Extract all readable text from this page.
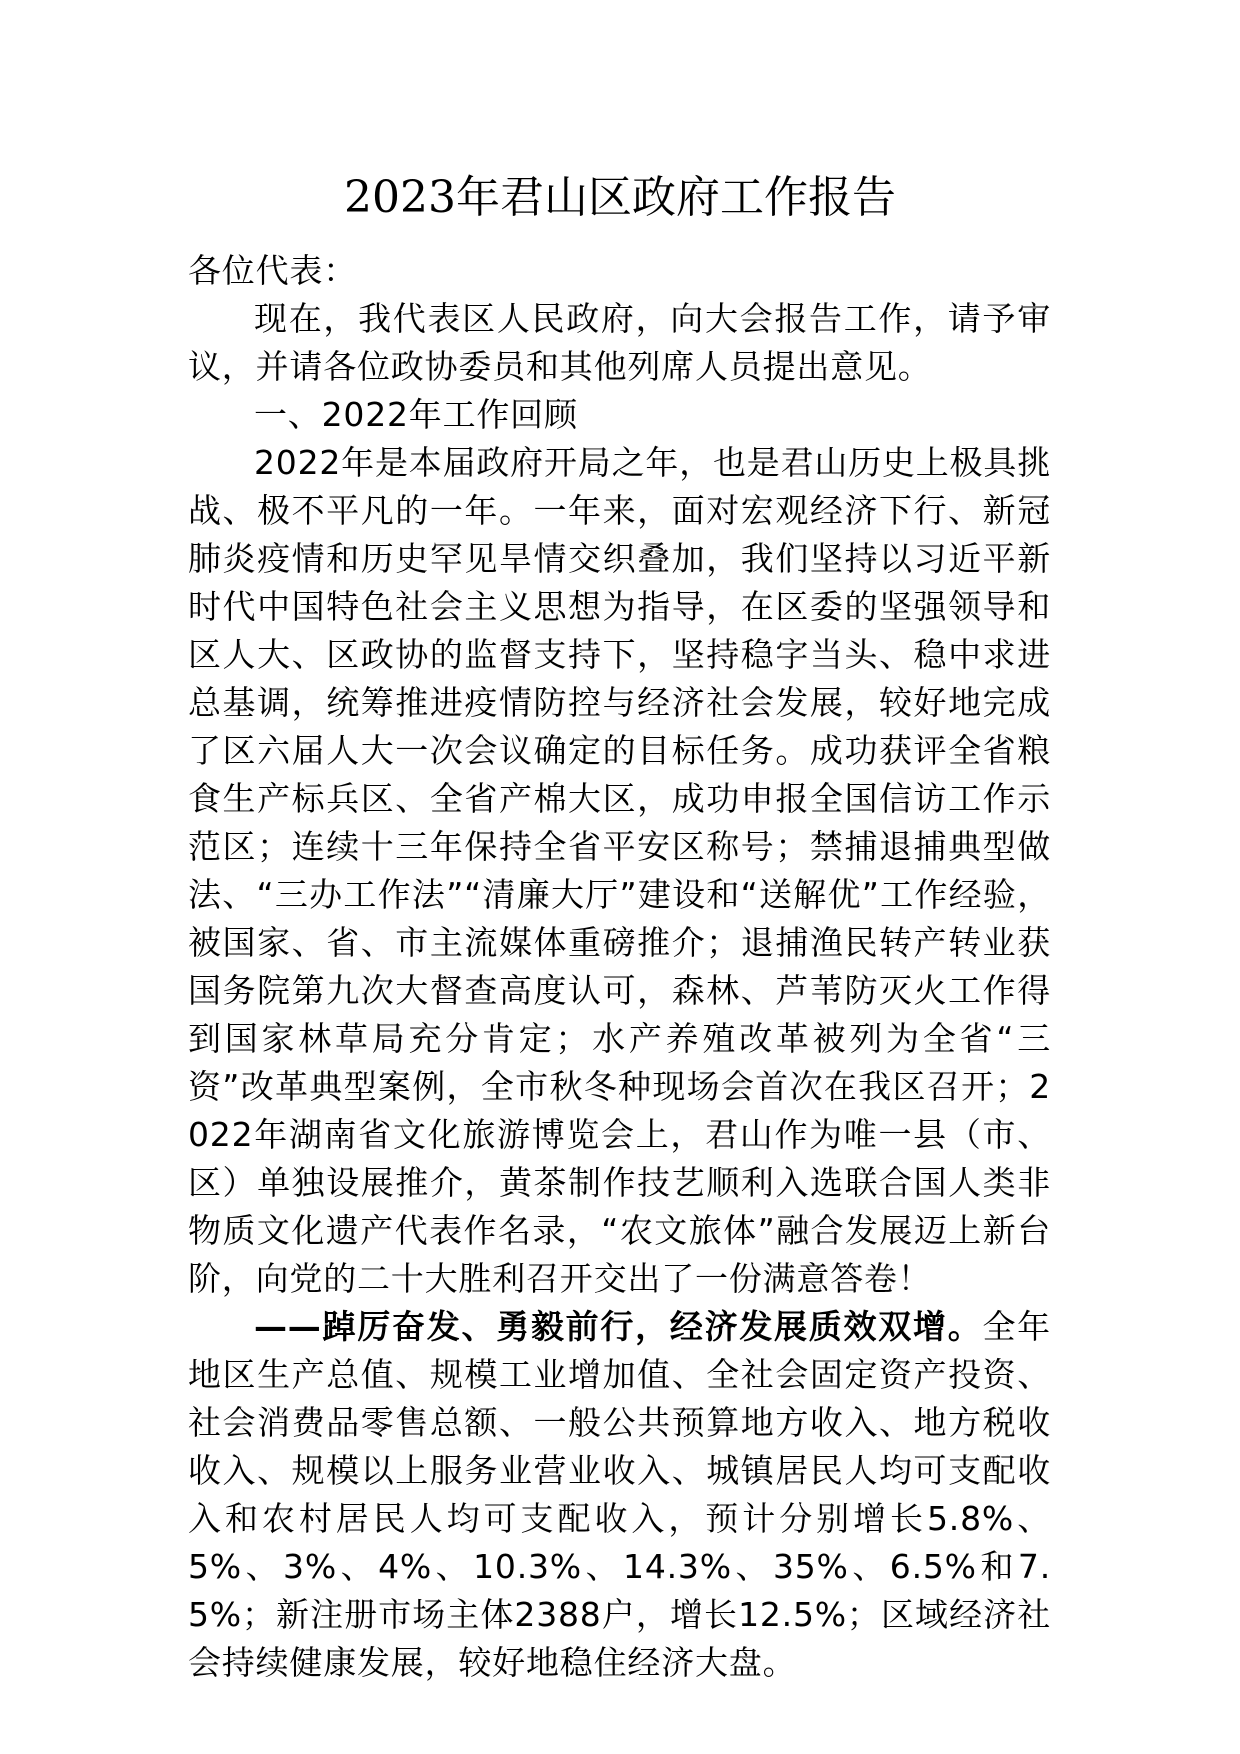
2023年君山区政府工作报告

各位代表：

现在，我代表区人民政府，向大会报告工作，请予审议，并请各位政协委员和其他列席人员提出意见。

一、2022年工作回顾

2022年是本届政府开局之年，也是君山历史上极具挑战、极不平凡的一年。一年来，面对宏观经济下行、新冠肺炎疫情和历史罕见旱情交织叠加，我们坚持以习近平新时代中国特色社会主义思想为指导，在区委的坚强领导和区人大、区政协的监督支持下，坚持稳字当头、稳中求进总基调，统筹推进疫情防控与经济社会发展，较好地完成了区六届人大一次会议确定的目标任务。成功获评全省粮食生产标兵区、全省产棉大区，成功申报全国信访工作示范区；连续十三年保持全省平安区称号；禁捕退捕典型做法、“三办工作法”“清廉大厅”建设和“送解优”工作经验，被国家、省、市主流媒体重磅推介；退捕渔民转产转业获国务院第九次大督查高度认可，森林、芦苇防灭火工作得到国家林草局充分肯定；水产养殖改革被列为全省“三资”改革典型案例，全市秋冬种现场会首次在我区召开；2022年湖南省文化旅游博览会上，君山作为唯一县（市、区）单独设展推介，黄茶制作技艺顺利入选联合国人类非物质文化遗产代表作名录，“农文旅体”融合发展迈上新台阶，向党的二十大胜利召开交出了一份满意答卷！

——踔厉奋发、勇毅前行，经济发展质效双增。全年地区生产总值、规模工业增加值、全社会固定资产投资、社会消费品零售总额、一般公共预算地方收入、地方税收收入、规模以上服务业营业收入、城镇居民人均可支配收入和农村居民人均可支配收入，预计分别增长5.8%、5%、3%、4%、10.3%、14.3%、35%、6.5%和7.5%；新注册市场主体2388户，增长12.5%；区域经济社会持续健康发展，较好地稳住经济大盘。
